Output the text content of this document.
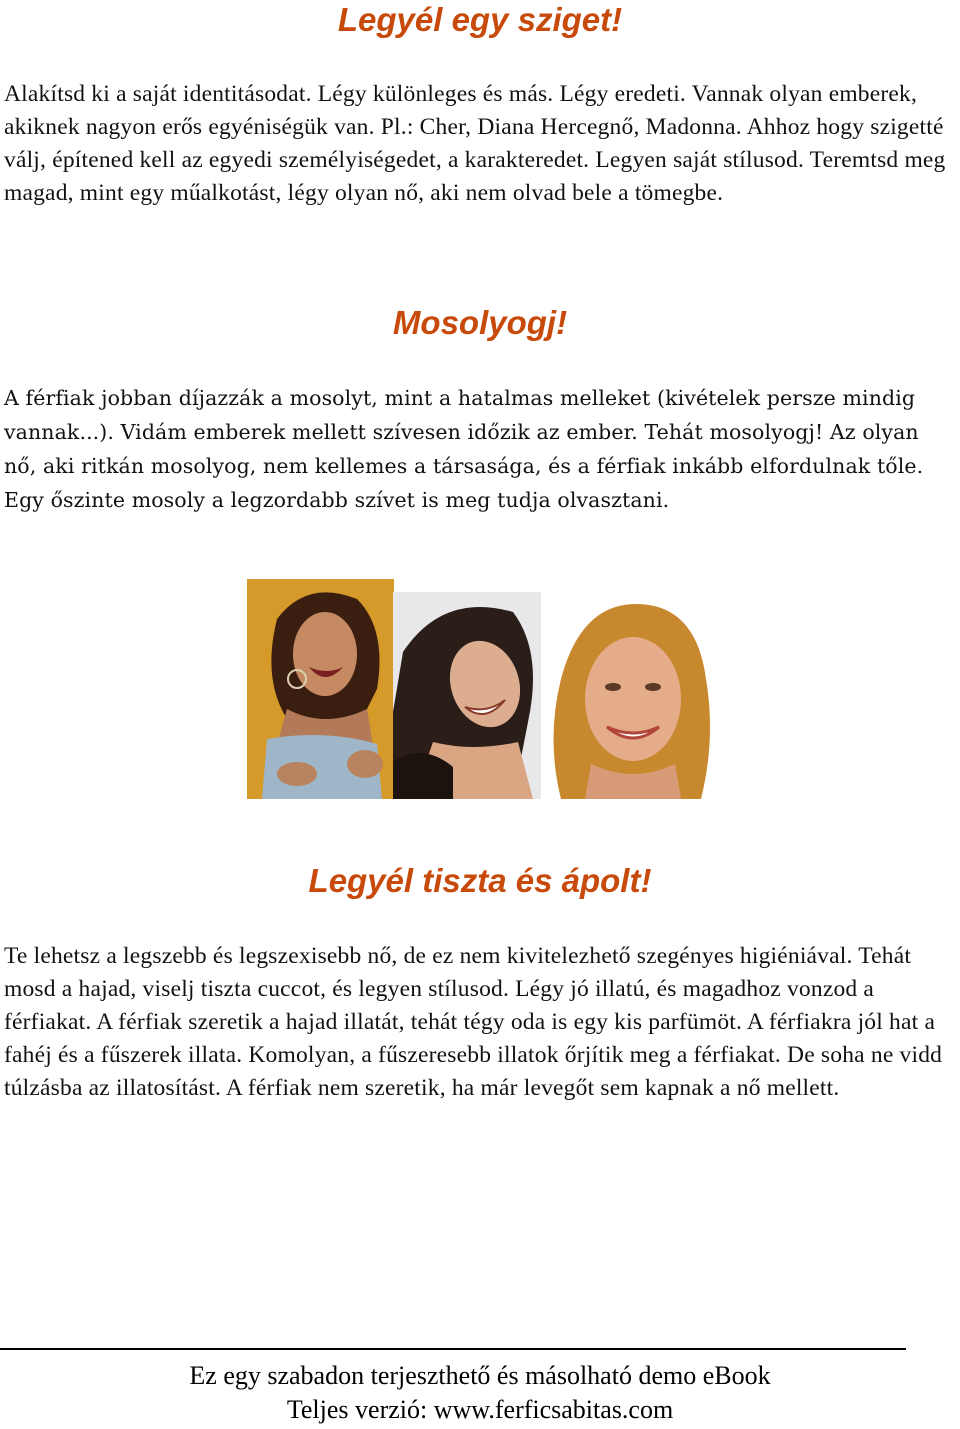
Legyél egy sziget!

Alakítsd ki a saját identitásodat. Légy különleges és más. Légy eredeti. Vannak olyan emberek, akiknek nagyon erős egyéniségük van. Pl.: Cher, Diana Hercegnő, Madonna. Ahhoz hogy szigetté válj, építened kell az egyedi személyiségedet, a karakteredet. Legyen saját stílusod. Teremtsd meg magad, mint egy műalkotást, légy olyan nő, aki nem olvad bele a tömegbe.

Mosolyogj!

A férfiak jobban díjazzák a mosolyt, mint a hatalmas melleket (kivételek persze mindig vannak...). Vidám emberek mellett szívesen időzik az ember. Tehát mosolyogj! Az olyan nő, aki ritkán mosolyog, nem kellemes a társasága, és a férfiak inkább elfordulnak tőle. Egy őszinte mosoly a legzordabb szívet is meg tudja olvasztani.

Legyél tiszta és ápolt!

Te lehetsz a legszebb és legszexisebb nő, de ez nem kivitelezhető szegényes higiéniával. Tehát mosd a hajad, viselj tiszta cuccot, és legyen stílusod. Légy jó illatú, és magadhoz vonzod a férfiakat. A férfiak szeretik a hajad illatát, tehát tégy oda is egy kis parfümöt. A férfiakra jól hat a fahéj és a fűszerek illata. Komolyan, a fűszeresebb illatok őrjítik meg a férfiakat. De soha ne vidd túlzásba az illatosítást. A férfiak nem szeretik, ha már levegőt sem kapnak a nő mellett.

Ez egy szabadon terjeszthető és másolható demo eBook

Teljes verzió: www.ferficsabitas.com
